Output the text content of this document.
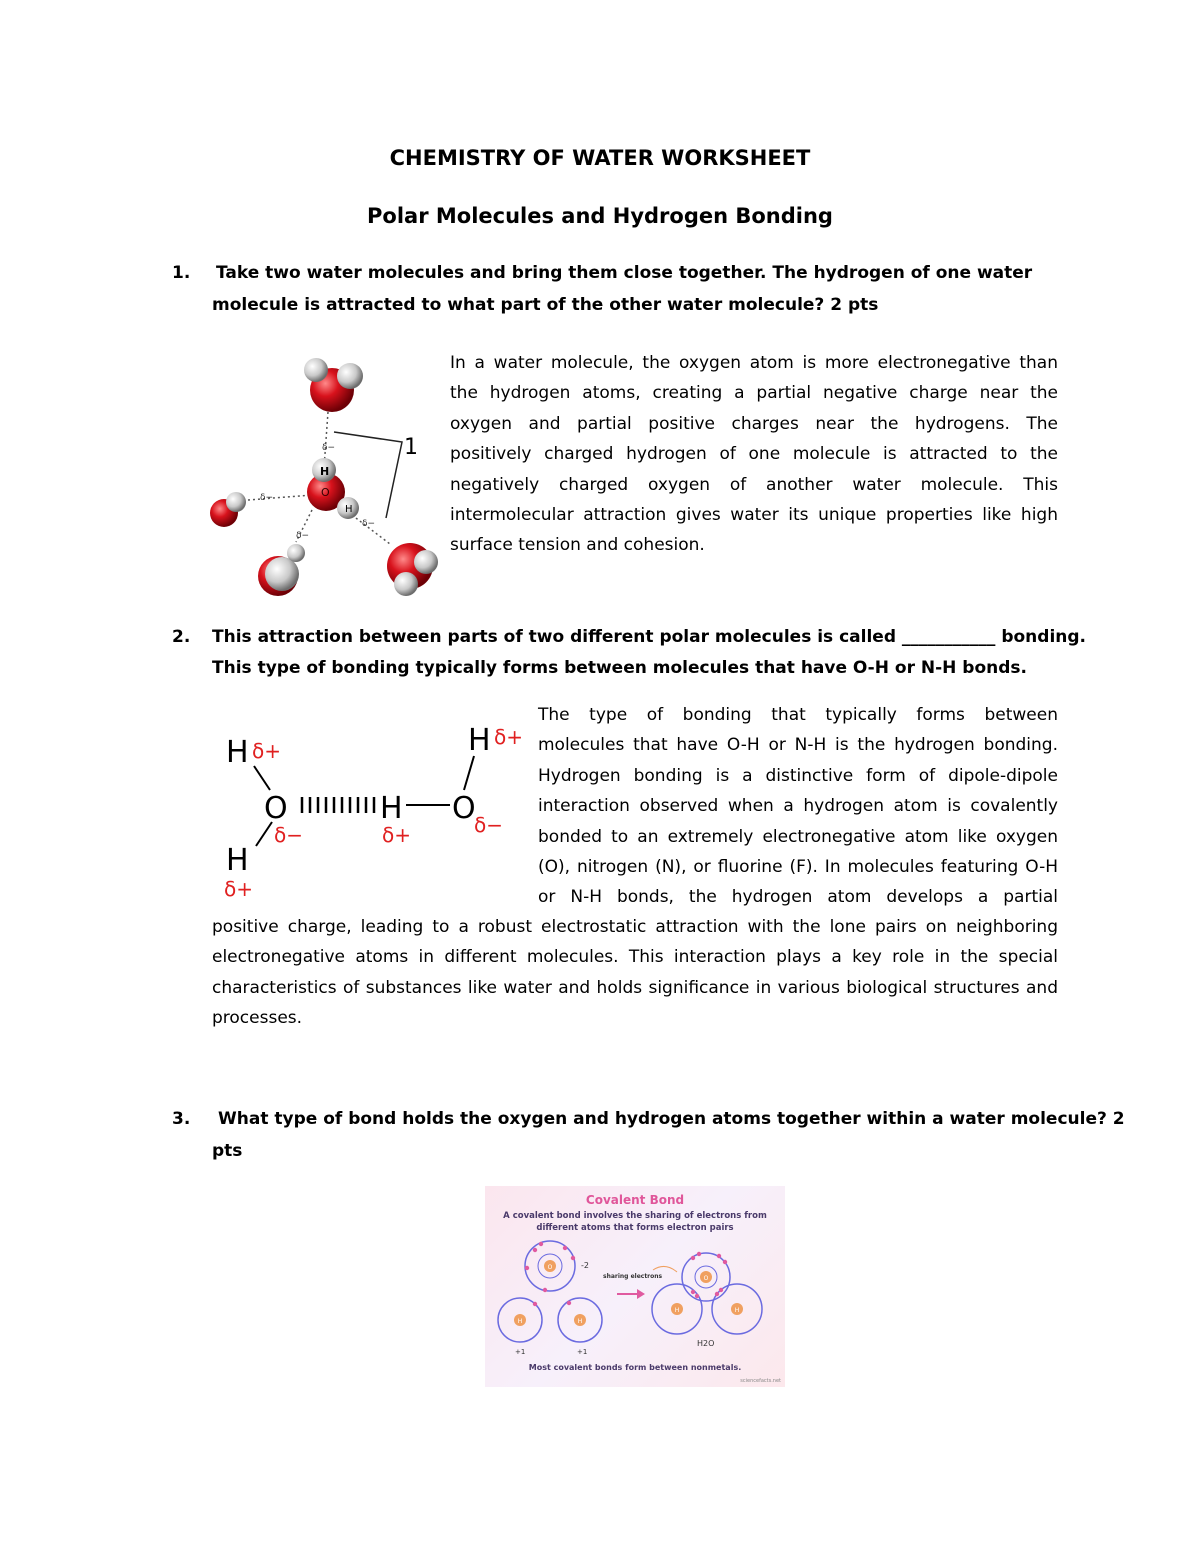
CHEMISTRY OF WATER WORKSHEET
Polar Molecules and Hydrogen Bonding
1. Take two water molecules and bring them close together. The hydrogen of one water
molecule is attracted to what part of the other water molecule? 2 pts
1
δ−
δ−
δ−
δ−
H
O
H
In a water molecule, the oxygen atom is more electronegative than
the hydrogen atoms, creating a partial negative charge near the
oxygen and partial positive charges near the hydrogens. The
positively charged hydrogen of one molecule is attracted to the
negatively charged oxygen of another water molecule. This
intermolecular attraction gives water its unique properties like high
surface tension and cohesion.
2. This attraction between parts of two different polar molecules is called ___________ bonding.
This type of bonding typically forms between molecules that have O-H or N-H bonds.
H δ+
O
δ−
H
δ+
H
δ+
O
δ−
H δ+
The type of bonding that typically forms between
molecules that have O-H or N-H is the hydrogen bonding.
Hydrogen bonding is a distinctive form of dipole-dipole
interaction observed when a hydrogen atom is covalently
bonded to an extremely electronegative atom like oxygen
(O), nitrogen (N), or fluorine (F). In molecules featuring O-H
or N-H bonds, the hydrogen atom develops a partial
positive charge, leading to a robust electrostatic attraction with the lone pairs on neighboring
electronegative atoms in different molecules. This interaction plays a key role in the special
characteristics of substances like water and holds significance in various biological structures and
processes.
3. What type of bond holds the oxygen and hydrogen atoms together within a water molecule? 2
pts
Covalent Bond
A covalent bond involves the sharing of electrons from
different atoms that forms electron pairs
O	-2
H
+1
H
+1
sharing electrons	O
H	H
H2O
Most covalent bonds form between nonmetals.
sciencefacts.net
